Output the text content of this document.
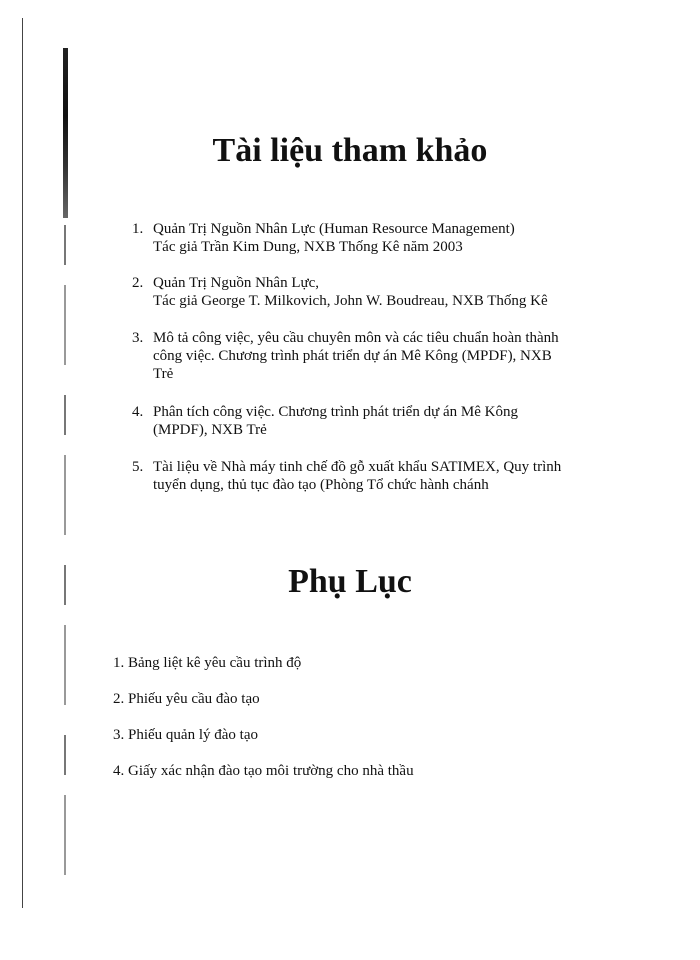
Tài liệu tham khảo
1. Quản Trị Nguồn Nhân Lực (Human Resource Management)
Tác giả Trần Kim Dung, NXB Thống Kê năm 2003
2. Quản Trị Nguồn Nhân Lực,
Tác giả George T. Milkovich, John W. Boudreau, NXB Thống Kê
3. Mô tả công việc, yêu cầu chuyên môn và các tiêu chuẩn hoàn thành
công việc. Chương trình phát triển dự án Mê Kông (MPDF), NXB
Trẻ
4. Phân tích công việc. Chương trình phát triển dự án Mê Kông
(MPDF), NXB Trẻ
5. Tài liệu về Nhà máy tinh chế đồ gỗ xuất khẩu SATIMEX, Quy trình
tuyển dụng, thủ tục đào tạo (Phòng Tổ chức hành chánh
Phụ Lục
1. Bảng liệt kê yêu cầu trình độ
2. Phiếu yêu cầu đào tạo
3. Phiếu quản lý đào tạo
4. Giấy xác nhận đào tạo môi trường cho nhà thầu
